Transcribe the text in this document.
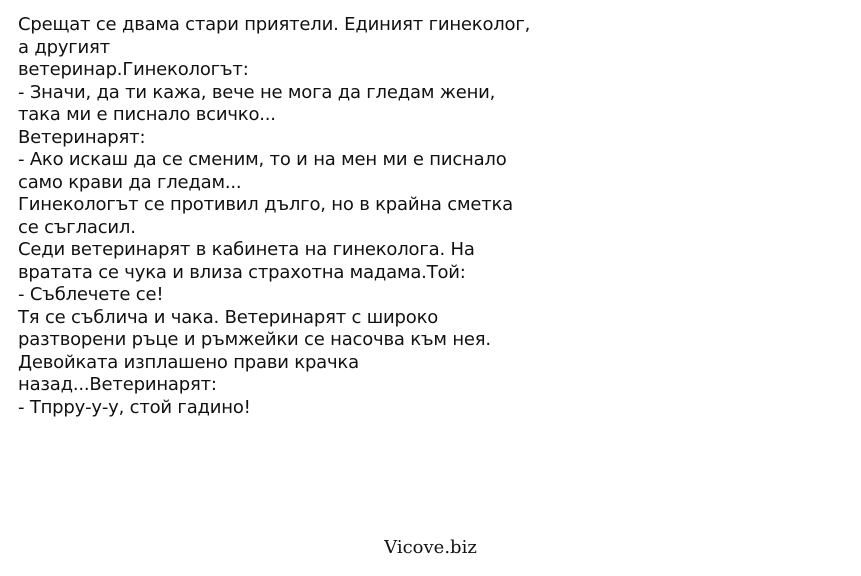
Срещат се двама стари приятели. Единият гинеколог,
а другият
ветеринар.Гинекологът:
- Значи, да ти кажа, вече не мога да гледам жени,
така ми е писнало всичко...
Ветеринарят:
- Ако искаш да се сменим, то и на мен ми е писнало
само крави да гледам...
Гинекологът се противил дълго, но в крайна сметка
се съгласил.
Седи ветеринарят в кабинета на гинеколога. На
вратата се чука и влиза страхотна мадама.Той:
- Съблечете се!
Тя се съблича и чака. Ветеринарят с широко
разтворени ръце и ръмжейки се насочва към нея.
Девойката изплашено прави крачка
назад...Ветеринарят:
- Тпрру-у-у, стой гадино!
Vicove.biz
